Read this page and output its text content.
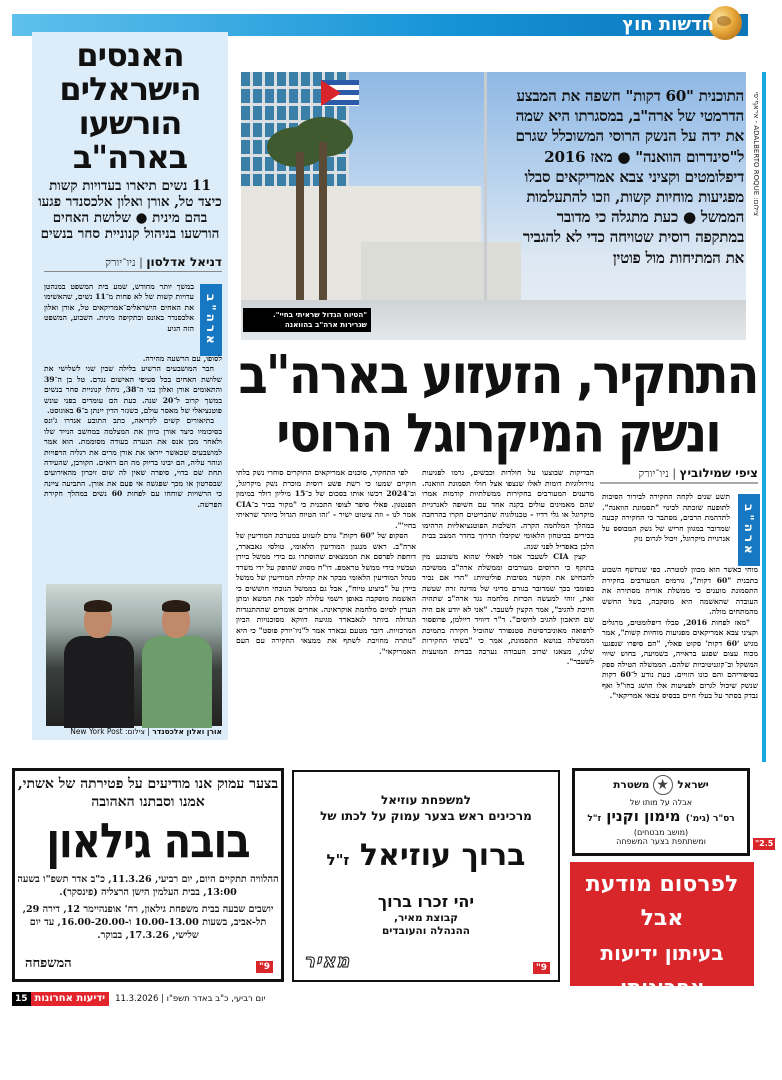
חדשות חוץ
האנסים
הישראלים
הורשעו
בארה"ב
11 נשים תיארו בעדויות קשות כיצד טל, אורן ואלון אלכסנדר פגעו בהם מינית ● שלושת האחים הורשעו בניהול קנוניית סחר בנשים
דניאל אדלסון | ניו־יורק
ארה"ב
במשך יותר מחודש, שמע בית המשפט במנהטן עדויות קשות של לא פחות מ־11 נשים, שהאשימו את האחים הישראלים־אמריקאים טל, אורן ואלון אלכסנדר באונס ובתקיפה מינית. השבוע, המשפט הזה הגיע

לסופו, עם הרשעה מהירה.

חבר המושבעים הרשיע בלילה שבין שני לשלישי את שלושת האחים בכל סעיפי האישום נגדם. טל בן ה־39 והתאומים אורן ואלון בני ה־38, ניהלו קנוניית סחר בנשים במשך קרוב ל־20 שנה. כעת הם עומדים בפני עונש פוטנציאלי של מאסר עולם, כשגזר הדין יינתן ב־6 באוגוסט.

בתיאורים קשים לקריאה, כתב התובע אנדרו ג'ונס בסיכומיו כיצד אורן כיוון את המצלמה במחשב הנייד שלו ולאחר מכן אנס את הנערה בעודה מסוממת. הוא אמר למושבעים שכאשר ייראו את אורן מרים את רגליה הרפויות ונוהר עליה, הם יבינו בדיוק מה הם רואים. הקורבן, שהעידה תחת שם בדוי, סיפרה שאין לה שום זיכרון מהאירועים שבסרטון או מכך שפגשה אי פעם את אורן. התביעה ציינה כי הרשויות שוחחו עם לפחות 60 נשים במהלך חקירת הפרשה.

אורן ואלון אלכסנדר | צילום: New York Post
התוכנית "60 דקות" חשפה את המבצע הדרמטי של ארה"ב, במסגרתו היא שמה את ידה על הנשק הרוסי המשוכלל שגרם ל"סינדרום הוואנה" ● מאז 2016 דיפלומטים וקציני צבא אמריקאים סבלו מפגיעות מוחיות קשות, וזכו להתעלמות הממשל ● כעת מתגלה כי מדובר במתקפה רוסית שטויחה כדי לא להגביר את המתיחות מול פוטין
"הטיוח הגדול שראיתי בחיי". שגרירות ארה"ב בהוואנה
צילום: ADALBERTO ROQUE - אי־אף־פי
התחקיר, הזעזוע בארה"ב
ונשק המיקרוגל הרוסי
ציפי שמילוביץ | ניו־יורק
ארה"ב
תשע שנים לקחה החקירה לבירור הסיבות לתופעה שזכתה לכינוי "תסמונת הוואנה". לתדהמת הרבים, מסתבר כי החקירה קבעה שמדובר במגוון חריש של נשק המבוסס על אנרגיית מיקרוגל, ויכול לגרום נזק

מוחי כאשר הוא מכוון למטרה. כפי שנחשף השבוע בתכנית "60 דקות", גורמים המעורבים בחקירת התסמונת מוענים כי ממשלת אוריה מסתירה את העובדה שהאשמה היא מוסקבה, בשל החשש מהמתחים מולה.

"מאז לפחות 2016, סבלו דיפלומטים, מרגלים וקציני צבא אמריקאים מפגיעות מוחיות קשות", אמר מגיש '60 דקות' סקוט פאלי, "הם סיפרו שנפגעו מכוח עצום שפגע בראייה, בשמיעה, בחוש שיווי המשקל וב־קוגניטיביות שלהם. הממשלה הטילה ספק בסיפוריהם והם כונו הזויים. כעת נודע ל־60 דקות שנשק שיכול לגרום לפציעות אלו הושג בחו"ל ואף נבדק בסתר על בעלי חיים בבסיס צבאי אמריקאי".

הבדיקות שבוצעו על חולדות וכבשים, גרמו לפגיעות נוירולוגיות דומות לאלו שנצפו אצל חולי תסמונת הוואנה. מדענים המעורבים בחקירות ממשלתיות קודמות אמרו שהם מאמינים עולים בקנה אחד עם חשיפה לאנרגיית מיקרוגל או גלי רדיו - טכנולוגיה שהבריטים חקרו בהרחבה במהלך המלחמה הקרה. השלכות הפוטנציאליות הרהימו בכירים בביטחון הלאומי שקיבלו תדרוך בחדר המצב בבית הלבן באפריל לפני שנה.

קצין CIA לשעבר אמר לפאלי שהוא משוכנע מין בתוקף כי הרוסים מעורבים וממשלת ארה"ב ממשיכה להכחיש את הקשר מסיבות פוליטיות: "הרי אם נכיר בפומבי בכך שמדובר בגורם מדיני של מדינה זרה שעשה זאת, זוהי למעשה הכרזת מלחמה נגד ארה"ב שתהיה חייבת להגיב", אמר הקצין לשעבר. "אני לא יודע אם היה שם תיאבון להגיב לרוסים". ד"ר דיוויד ריילמן, פרופסור לרפואה מאוניברסיטת סטנפורד שהוביל חקירה בתמיכת הממשלה בנושא התסמונת, אמר כי "בשתי החקירות שלנו, מצאנו שרוב העבודה נערכה בברית המועצות לשעבר".

לפי התחקיר, סוכנים אמריקאים החוקרים סוחרי נשק בלתי חוקיים שמעו כי רשת פשע רוסית מוכרת נשק מיקרוגל, וב־2024 רכשו אותו בסכום של כ־15 מיליון דולר במימון הפנטגון. פאלי סיפר לצופי התכנית כי "מקור בכיר ב־CIA אמר לנו - וזה ציטוט ישיר - 'זהו הטיוח הגדול ביותר שראיתי בחיי'".

הסקופ של "60 דקות" גורם לזעזוע במערכת המודיעין של ארה"ב. ראש מנגנון המודיעין הלאומי, טולסי גאבארד, דוחפת לפרסם את הממצאים שהוסתרו גם בידי ממשל ביידן ועכשיו בידי ממשל טראמפ. דו"ח מסווג שהופק על ידי משרד מנהל המודיעין הלאומי מבקר את קהילת המודיעין של ממשל ביידן על "ביצוע טיוח", אבל גם בממשל הנוכחי חוששים כי האשמת מוסקבה באופן רשמי עלולה לסבך את המשא ומתן העדין לסיום מלחמת אוקראינה. אחרים אומרים שההתנגדות הגדולה ביותר לגאבארד מגיעה דווקא מסוכנויות הביון המרכזיות. דובר מטעם גבארד אמר ל"ניו־יורק פוסט" כי היא "נותרה מחויבת לשתף את ממצאי החקירה עם העם האמריקאי".

בצער עמוק אנו מודיעים על פטירתה של אשתי, אמנו וסבתנו האהובה
בובה גילאון
ההלוויה תתקיים היום, יום רביעי, 11.3.26, כ"ב אדר תשפ"ו בשעה 13:00, בבית העלמין הישן הרצליה (פינסקר).
יושבים שבעה בבית משפחת גילאון, רח' אופנהיימר 12, דירה 29, תל-אביב, בשעות 10.00-13.00 ו-16.00-20.00, עד יום שלישי, 17.3.26, בבוקר.
המשפחה	9"
למשפחת עוזיאל
מרכינים ראש בצער עמוק על לכתו של
ברוך עוזיאל ז"ל
יהי זכרו ברוך
קבוצת מאיר,
ההנהלה והעובדים
מאיר	9"
ישראל
★
משטרת
אבלה על מותו של
רס"ר (גימ') מימון וקנין ז"ל
(מושב מבטחים)
ומשתתפת בצער המשפחה	2.5"
לפרסום מודעת אבל
בעיתון ידיעות אחרונות:
077-9967000
15 ידיעות אחרונות	יום רביעי, כ"ב באדר תשפ"ו | 11.3.2026
